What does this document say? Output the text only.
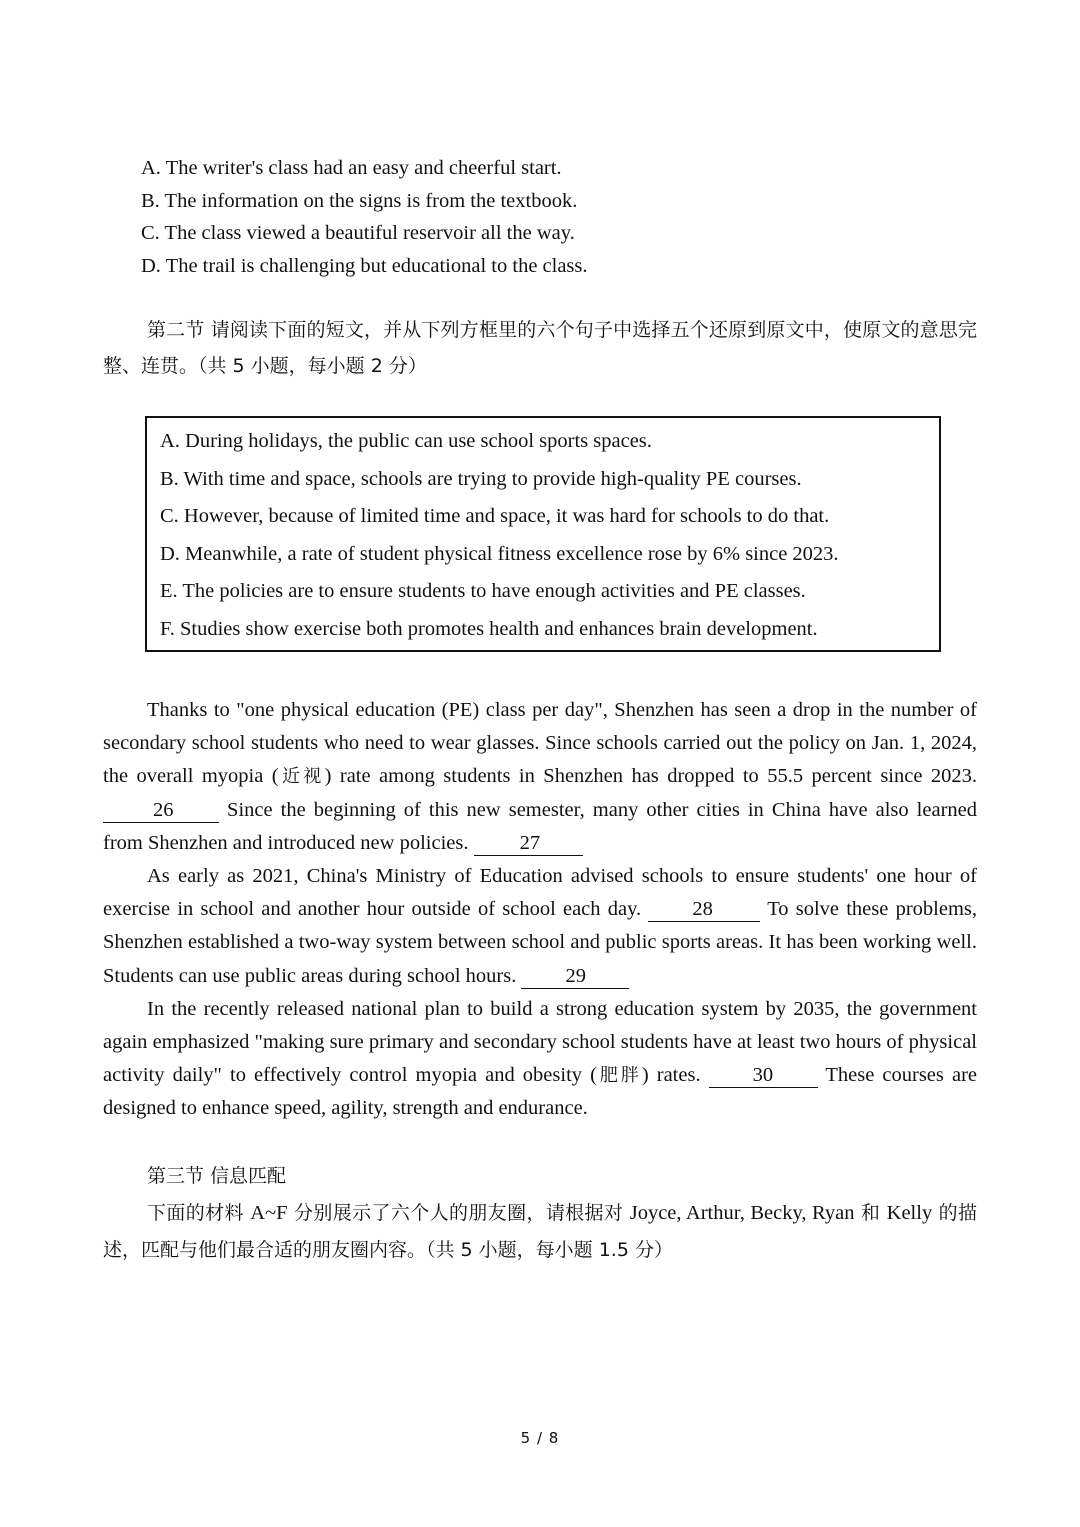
A. The writer's class had an easy and cheerful start.
B. The information on the signs is from the textbook.
C. The class viewed a beautiful reservoir all the way.
D. The trail is challenging but educational to the class.
第二节 请阅读下面的短文，并从下列方框里的六个句子中选择五个还原到原文中，使原文的意思完整、连贯。（共 5 小题，每小题 2 分）
A. During holidays, the public can use school sports spaces.
B. With time and space, schools are trying to provide high-quality PE courses.
C. However, because of limited time and space, it was hard for schools to do that.
D. Meanwhile, a rate of student physical fitness excellence rose by 6% since 2023.
E. The policies are to ensure students to have enough activities and PE classes.
F. Studies show exercise both promotes health and enhances brain development.

Thanks to "one physical education (PE) class per day", Shenzhen has seen a drop in the number of secondary school students who need to wear glasses. Since schools carried out the policy on Jan. 1, 2024, the overall myopia (近视) rate among students in Shenzhen has dropped to 55.5 percent since 2023. 26 Since the beginning of this new semester, many other cities in China have also learned from Shenzhen and introduced new policies. 27

As early as 2021, China's Ministry of Education advised schools to ensure students' one hour of exercise in school and another hour outside of school each day. 28 To solve these problems, Shenzhen established a two-way system between school and public sports areas. It has been working well. Students can use public areas during school hours. 29

In the recently released national plan to build a strong education system by 2035, the government again emphasized "making sure primary and secondary school students have at least two hours of physical activity daily" to effectively control myopia and obesity (肥胖) rates. 30 These courses are designed to enhance speed, agility, strength and endurance.

第三节 信息匹配
下面的材料 A~F 分别展示了六个人的朋友圈，请根据对 Joyce, Arthur, Becky, Ryan 和 Kelly 的描述，匹配与他们最合适的朋友圈内容。（共 5 小题，每小题 1.5 分）
5 / 8
